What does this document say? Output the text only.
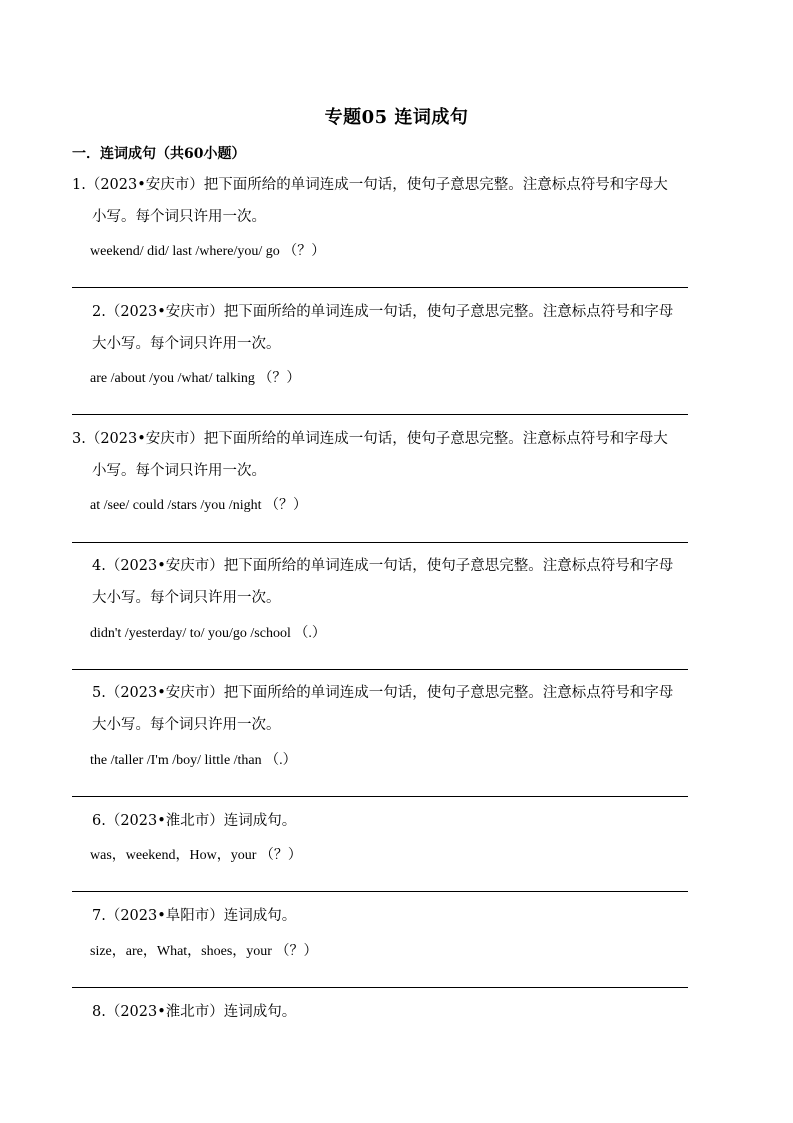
专题05 连词成句
一．连词成句（共60小题）
1.（2023•安庆市）把下面所给的单词连成一句话，使句子意思完整。注意标点符号和字母大
小写。每个词只许用一次。
weekend/ did/ last /where/you/ go （？）
2.（2023•安庆市）把下面所给的单词连成一句话，使句子意思完整。注意标点符号和字母
大小写。每个词只许用一次。
are /about /you /what/ talking （？）
3.（2023•安庆市）把下面所给的单词连成一句话，使句子意思完整。注意标点符号和字母大
小写。每个词只许用一次。
at /see/ could /stars /you /night （？）
4.（2023•安庆市）把下面所给的单词连成一句话，使句子意思完整。注意标点符号和字母
大小写。每个词只许用一次。
didn't /yesterday/ to/ you/go /school （.）
5.（2023•安庆市）把下面所给的单词连成一句话，使句子意思完整。注意标点符号和字母
大小写。每个词只许用一次。
the /taller /I'm /boy/ little /than （.）
6.（2023•淮北市）连词成句。
was，weekend，How，your （？）
7.（2023•阜阳市）连词成句。
size，are，What，shoes，your （？）
8.（2023•淮北市）连词成句。
